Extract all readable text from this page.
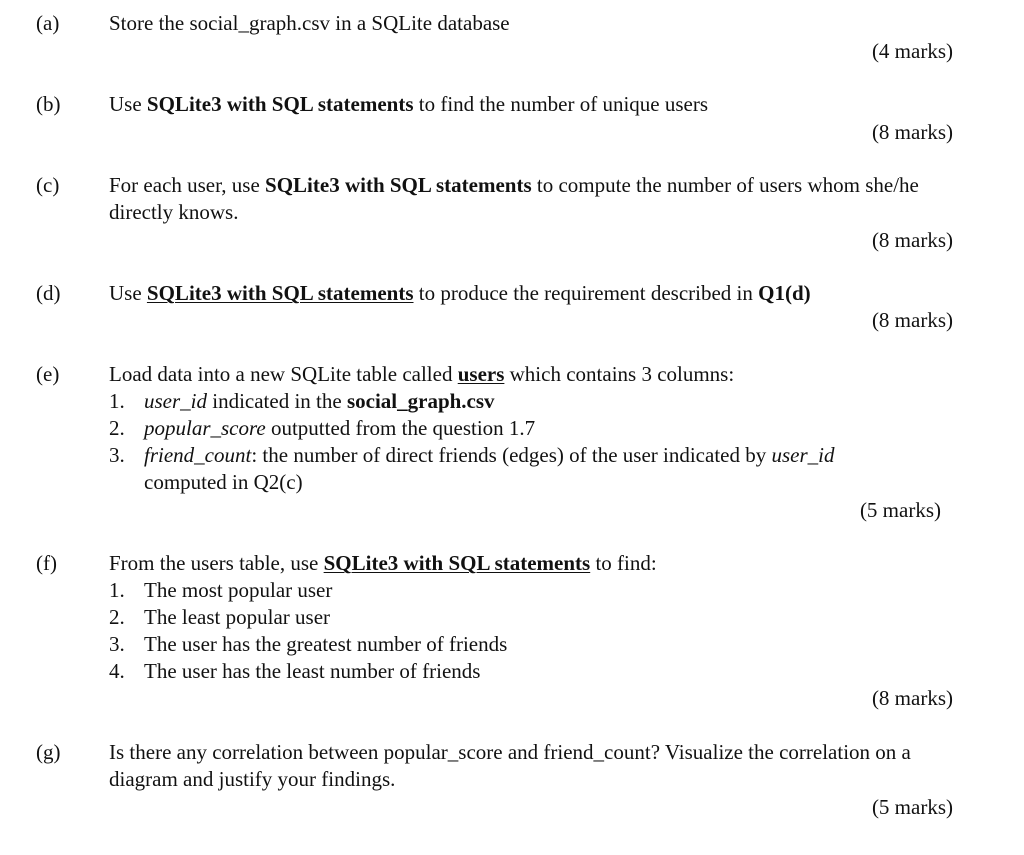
(a) Store the social_graph.csv in a SQLite database
(4 marks)
(b) Use SQLite3 with SQL statements to find the number of unique users
(8 marks)
(c) For each user, use SQLite3 with SQL statements to compute the number of users whom she/he directly knows.
(8 marks)
(d) Use SQLite3 with SQL statements to produce the requirement described in Q1(d)
(8 marks)
(e) Load data into a new SQLite table called users which contains 3 columns:
1. user_id indicated in the social_graph.csv
2. popular_score outputted from the question 1.7
3. friend_count: the number of direct friends (edges) of the user indicated by user_id
computed in Q2(c)
(5 marks)
(f) From the users table, use SQLite3 with SQL statements to find:
1. The most popular user
2. The least popular user
3. The user has the greatest number of friends
4. The user has the least number of friends
(8 marks)
(g) Is there any correlation between popular_score and friend_count? Visualize the correlation on a diagram and justify your findings.
(5 marks)
